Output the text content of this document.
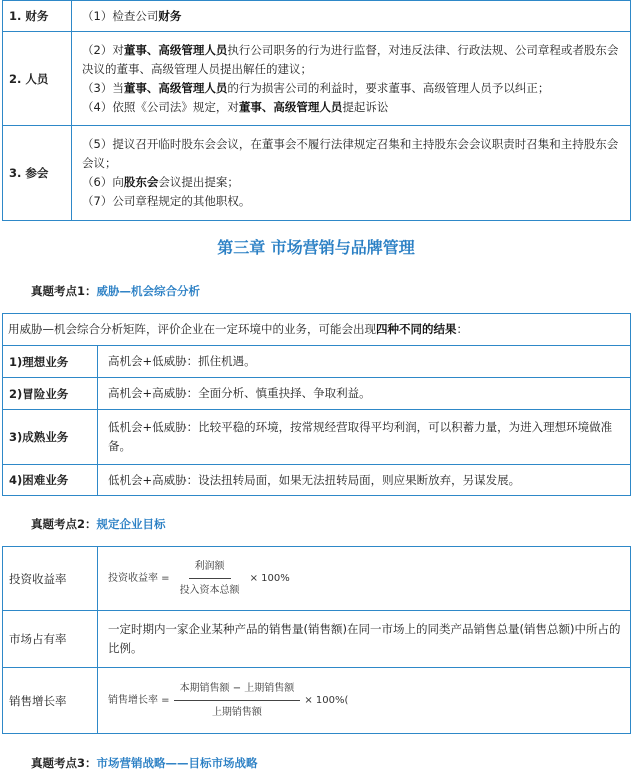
1. 财务	（1）检查公司财务

2. 人员	（2）对董事、高级管理人员执行公司职务的行为进行监督，对违反法律、行政法规、公司章程或者股东会决议的董事、高级管理人员提出解任的建议；
（3）当董事、高级管理人员的行为损害公司的利益时，要求董事、高级管理人员予以纠正；
（4）依照《公司法》规定，对董事、高级管理人员提起诉讼

3. 参会	（5）提议召开临时股东会会议，在董事会不履行法律规定召集和主持股东会会议职责时召集和主持股东会会议；
（6）向股东会会议提出提案；
（7）公司章程规定的其他职权。
第三章 市场营销与品牌管理
真题考点1：威胁—机会综合分析
用威胁—机会综合分析矩阵，评价企业在一定环境中的业务，可能会出现四种不同的结果：	
1)理想业务	高机会+低威胁：抓住机遇。
2)冒险业务	高机会+高威胁：全面分析、慎重抉择、争取利益。
3)成熟业务	低机会+低威胁：比较平稳的环境，按常规经营取得平均利润，可以积蓄力量，为进入理想环境做准备。
4)困难业务	低机会+高威胁：设法扭转局面，如果无法扭转局面，则应果断放弃，另谋发展。
真题考点2：规定企业目标
投资收益率	投资收益率 = $\frac{\text{利润额}}{\text{投入资本总额}} \times 100\%$

市场占有率	一定时期内一家企业某种产品的销售量(销售额)在同一市场上的同类产品销售总量(销售总额)中所占的比例。
销售增长率	销售增长率 = $\frac{\text{本期销售额 − 上期销售额}}{\text{上期销售额}} \times 100\%$(
真题考点3：市场营销战略——目标市场战略
